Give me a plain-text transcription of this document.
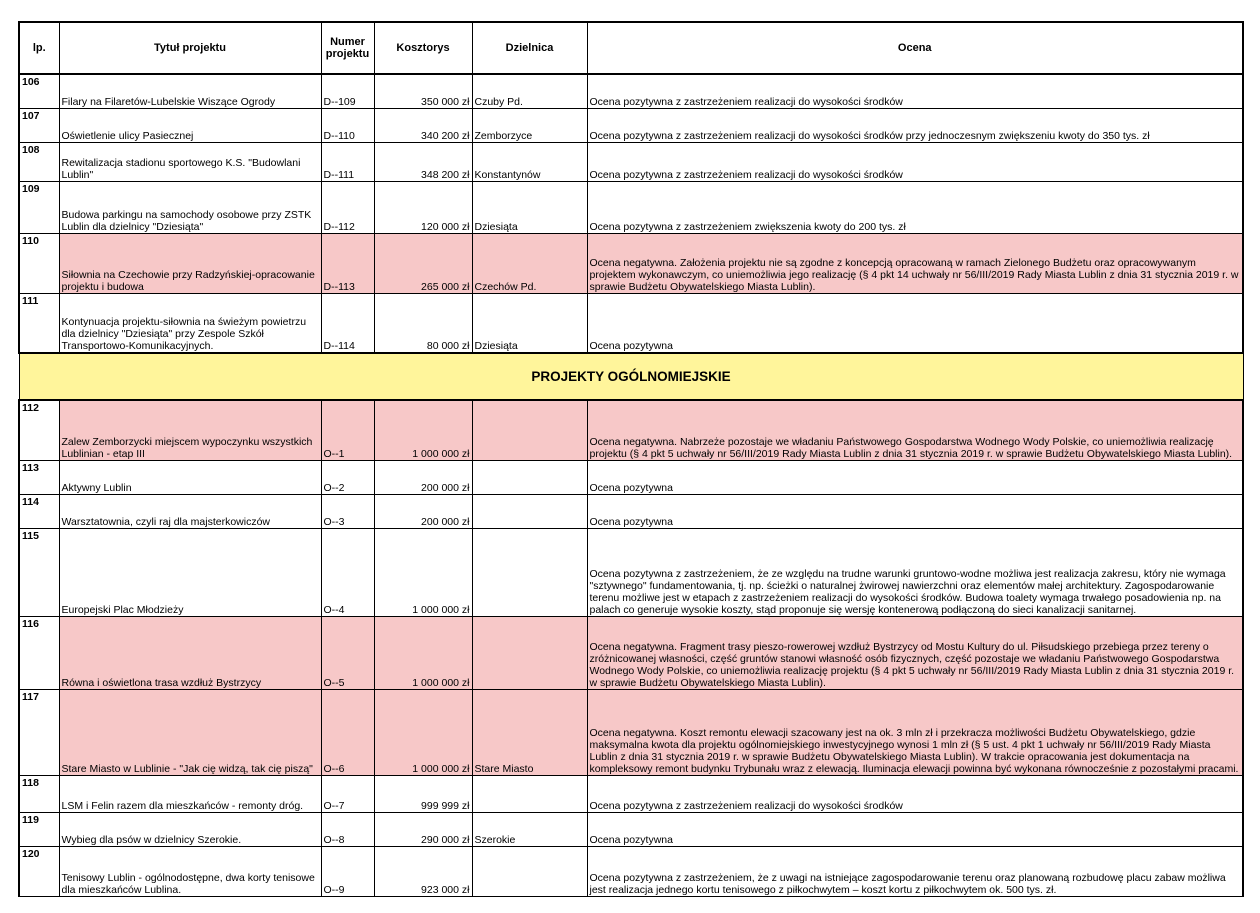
lp.	Tytuł projektu	Numer projektu	Kosztorys	Dzielnica	Ocena
106	Filary na Filaretów-Lubelskie Wiszące Ogrody	D--109	350 000 zł	Czuby Pd.	Ocena pozytywna z zastrzeżeniem realizacji do wysokości środków
107	Oświetlenie ulicy Pasiecznej	D--110	340 200 zł	Zemborzyce	Ocena pozytywna z zastrzeżeniem realizacji do wysokości środków przy jednoczesnym zwiększeniu kwoty do 350 tys. zł
108	Rewitalizacja stadionu sportowego K.S. "Budowlani Lublin"	D--111	348 200 zł	Konstantynów	Ocena pozytywna z zastrzeżeniem realizacji do wysokości środków
109	Budowa parkingu na samochody osobowe przy ZSTK Lublin dla dzielnicy "Dziesiąta"	D--112	120 000 zł	Dziesiąta	Ocena pozytywna z zastrzeżeniem zwiększenia kwoty do 200 tys. zł
110	Siłownia na Czechowie przy Radzyńskiej-opracowanie projektu i budowa	D--113	265 000 zł	Czechów Pd.	Ocena negatywna. Założenia projektu nie są zgodne z koncepcją opracowaną w ramach Zielonego Budżetu oraz opracowywanym projektem wykonawczym, co uniemożliwia jego realizację (§ 4 pkt 14 uchwały nr 56/III/2019 Rady Miasta Lublin z dnia 31 stycznia 2019 r. w sprawie Budżetu Obywatelskiego Miasta Lublin).
111	Kontynuacja projektu-siłownia na świeżym powietrzu dla dzielnicy "Dziesiąta" przy Zespole Szkół Transportowo-Komunikacyjnych.	D--114	80 000 zł	Dziesiąta	Ocena pozytywna
PROJEKTY OGÓLNOMIEJSKIE					
112	Zalew Zemborzycki miejscem wypoczynku wszystkich Lublinian - etap III	O--1	1 000 000 zł		Ocena negatywna. Nabrzeże pozostaje we władaniu Państwowego Gospodarstwa Wodnego Wody Polskie, co uniemożliwia realizację projektu (§ 4 pkt 5 uchwały nr 56/III/2019 Rady Miasta Lublin z dnia 31 stycznia 2019 r. w sprawie Budżetu Obywatelskiego Miasta Lublin).
113	Aktywny Lublin	O--2	200 000 zł		Ocena pozytywna
114	Warsztatownia, czyli raj dla majsterkowiczów	O--3	200 000 zł		Ocena pozytywna
115	Europejski Plac Młodzieży	O--4	1 000 000 zł		Ocena pozytywna z zastrzeżeniem, że ze względu na trudne warunki gruntowo-wodne możliwa jest realizacja zakresu, który nie wymaga "sztywnego" fundamentowania, tj. np. ścieżki o naturalnej żwirowej nawierzchni oraz elementów małej architektury. Zagospodarowanie terenu możliwe jest w etapach z zastrzeżeniem realizacji do wysokości środków. Budowa toalety wymaga trwałego posadowienia np. na palach co generuje wysokie koszty, stąd proponuje się wersję kontenerową podłączoną do sieci kanalizacji sanitarnej.
116	Równa i oświetlona trasa wzdłuż Bystrzycy	O--5	1 000 000 zł		Ocena negatywna. Fragment trasy pieszo-rowerowej wzdłuż Bystrzycy od Mostu Kultury do ul. Piłsudskiego przebiega przez tereny o zróżnicowanej własności, część gruntów stanowi własność osób fizycznych, część pozostaje we władaniu Państwowego Gospodarstwa Wodnego Wody Polskie, co uniemożliwia realizację projektu (§ 4 pkt 5 uchwały nr 56/III/2019 Rady Miasta Lublin z dnia 31 stycznia 2019 r. w sprawie Budżetu Obywatelskiego Miasta Lublin).
117	Stare Miasto w Lublinie - "Jak cię widzą, tak cię piszą"	O--6	1 000 000 zł	Stare Miasto	Ocena negatywna. Koszt remontu elewacji szacowany jest na ok. 3 mln zł i przekracza możliwości Budżetu Obywatelskiego, gdzie maksymalna kwota dla projektu ogólnomiejskiego inwestycyjnego wynosi 1 mln zł (§ 5 ust. 4 pkt 1 uchwały nr 56/III/2019 Rady Miasta Lublin z dnia 31 stycznia 2019 r. w sprawie Budżetu Obywatelskiego Miasta Lublin). W trakcie opracowania jest dokumentacja na kompleksowy remont budynku Trybunału wraz z elewacją. Iluminacja elewacji powinna być wykonana równocześnie z pozostałymi pracami.
118	LSM i Felin razem dla mieszkańców - remonty dróg.	O--7	999 999 zł		Ocena pozytywna z zastrzeżeniem realizacji do wysokości środków
119	Wybieg dla psów w dzielnicy Szerokie.	O--8	290 000 zł	Szerokie	Ocena pozytywna
120	Tenisowy Lublin - ogólnodostępne, dwa korty tenisowe dla mieszkańców Lublina.	O--9	923 000 zł		Ocena pozytywna z zastrzeżeniem, że z uwagi na istniejące zagospodarowanie terenu oraz planowaną rozbudowę placu zabaw możliwa jest realizacja jednego kortu tenisowego z piłkochwytem – koszt kortu z piłkochwytem ok. 500 tys. zł.
